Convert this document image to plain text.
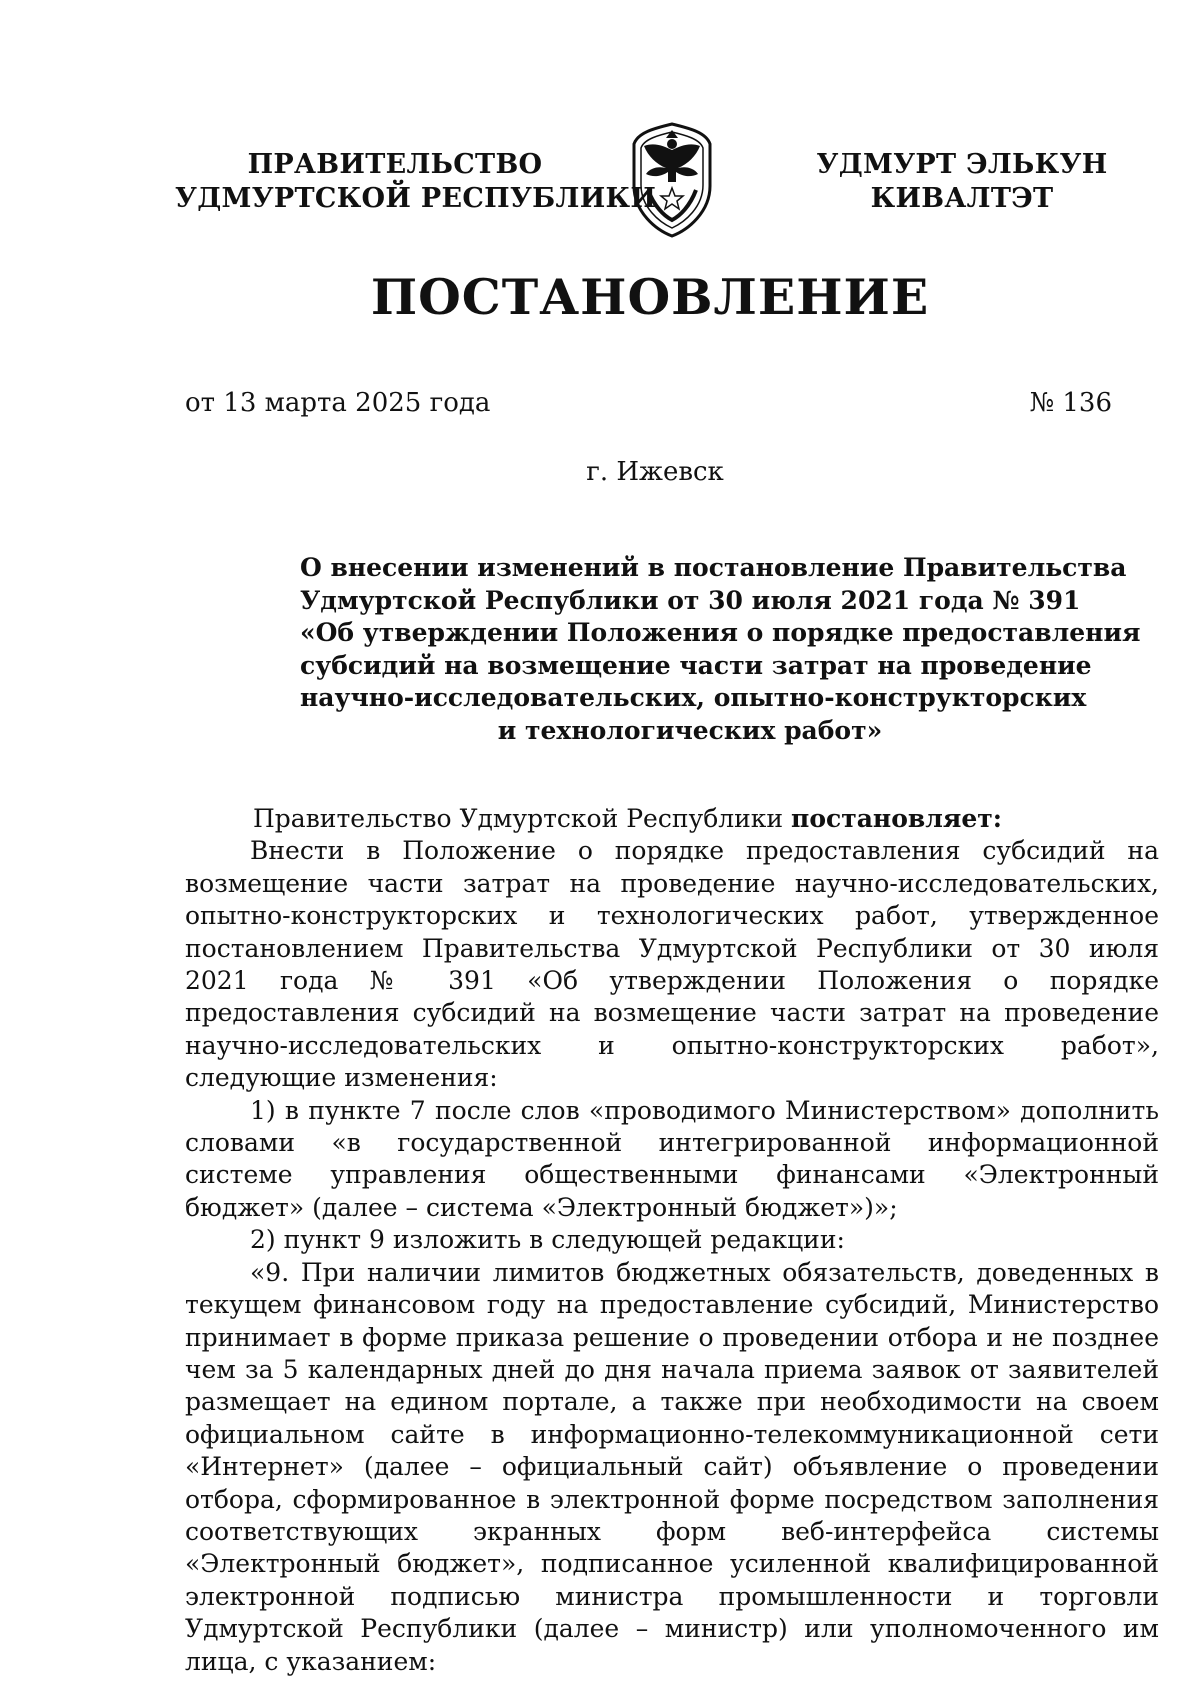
ПРАВИТЕЛЬСТВО
УДМУРТСКОЙ РЕСПУБЛИКИ
УДМУРТ ЭЛЬКУН
КИВАЛТЭТ
ПОСТАНОВЛЕНИЕ
от 13 марта 2025 года	№ 136
г. Ижевск
О внесении изменений в постановление Правительства
Удмуртской Республики от 30 июля 2021 года № 391
«Об утверждении Положения о порядке предоставления
субсидий на возмещение части затрат на проведение
научно-исследовательских, опытно-конструкторских
и технологических работ»

Правительство Удмуртской Республики постановляет:

Внести в Положение о порядке предоставления субсидий на возмещение части затрат на проведение научно-исследовательских, опытно-конструкторских и технологических работ, утвержденное постановлением Правительства Удмуртской Республики от 30 июля 2021 года № 391 «Об утверждении Положения о порядке предоставления субсидий на возмещение части затрат на проведение научно-исследовательских и опытно-конструкторских работ», следующие изменения:

1) в пункте 7 после слов «проводимого Министерством» дополнить словами «в государственной интегрированной информационной системе управления общественными финансами «Электронный бюджет» (далее – система «Электронный бюджет»)»;

2) пункт 9 изложить в следующей редакции:

«9. При наличии лимитов бюджетных обязательств, доведенных в текущем финансовом году на предоставление субсидий, Министерство принимает в форме приказа решение о проведении отбора и не позднее чем за 5 календарных дней до дня начала приема заявок от заявителей размещает на едином портале, а также при необходимости на своем официальном сайте в информационно-телекоммуникационной сети «Интернет» (далее – официальный сайт) объявление о проведении отбора, сформированное в электронной форме посредством заполнения соответствующих экранных форм веб-интерфейса системы «Электронный бюджет», подписанное усиленной квалифицированной электронной подписью министра промышленности и торговли Удмуртской Республики (далее – министр) или уполномоченного им лица, с указанием:
